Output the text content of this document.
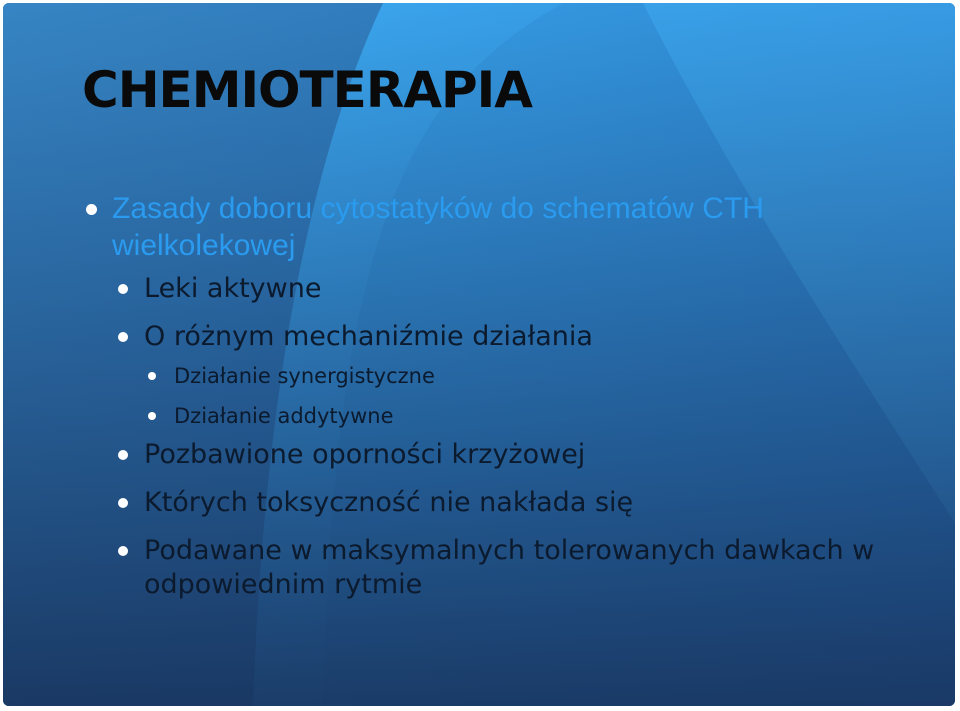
CHEMIOTERAPIA
Zasady doboru cytostatyków do schematów CTH wielkolekowej
Leki aktywne
O różnym mechaniźmie działania
Działanie synergistyczne
Działanie addytywne
Pozbawione oporności krzyżowej
Których toksyczność nie nakłada się
Podawane w maksymalnych tolerowanych dawkach w odpowiednim rytmie
